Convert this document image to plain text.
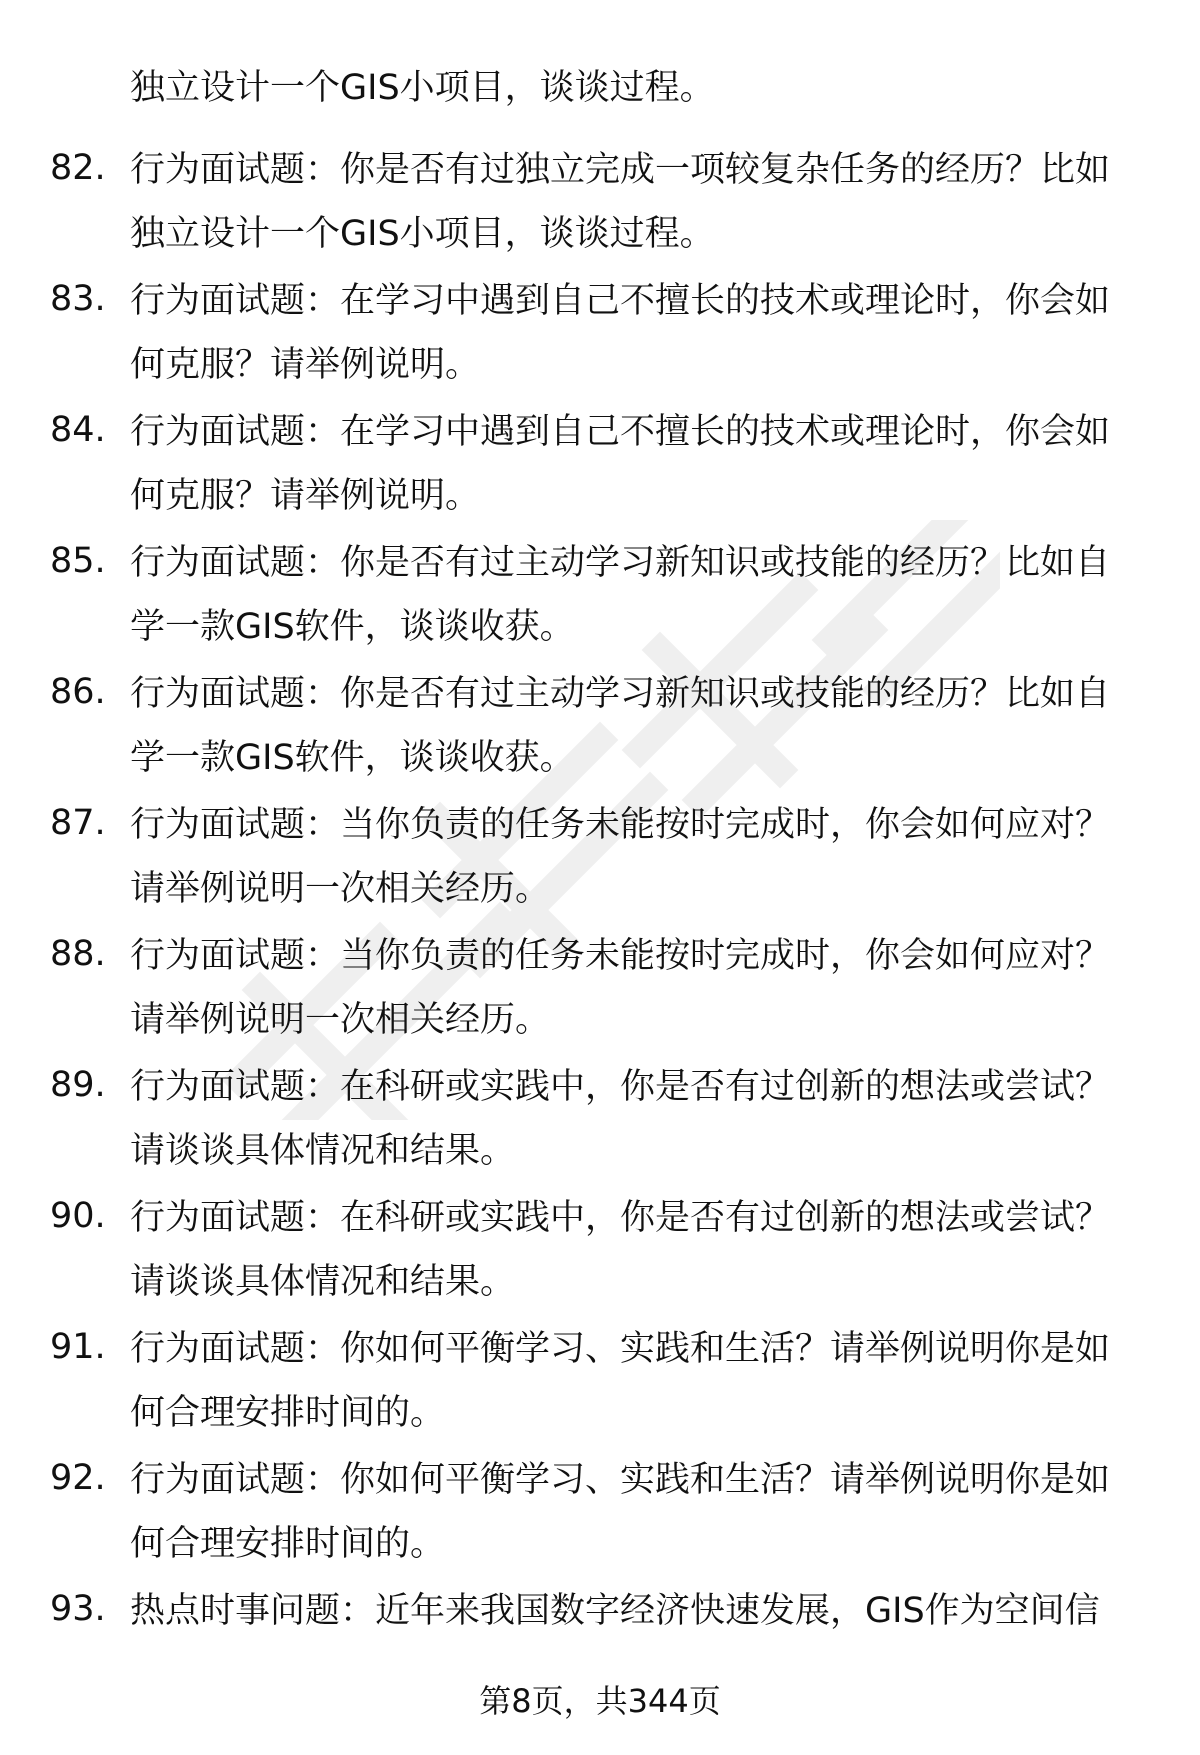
独立设计一个GIS小项目，谈谈过程。
82. 行为面试题：你是否有过独立完成一项较复杂任务的经历？比如独立设计一个GIS小项目，谈谈过程。
83. 行为面试题：在学习中遇到自己不擅长的技术或理论时，你会如何克服？请举例说明。
84. 行为面试题：在学习中遇到自己不擅长的技术或理论时，你会如何克服？请举例说明。
85. 行为面试题：你是否有过主动学习新知识或技能的经历？比如自学一款GIS软件，谈谈收获。
86. 行为面试题：你是否有过主动学习新知识或技能的经历？比如自学一款GIS软件，谈谈收获。
87. 行为面试题：当你负责的任务未能按时完成时，你会如何应对？请举例说明一次相关经历。
88. 行为面试题：当你负责的任务未能按时完成时，你会如何应对？请举例说明一次相关经历。
89. 行为面试题：在科研或实践中，你是否有过创新的想法或尝试？请谈谈具体情况和结果。
90. 行为面试题：在科研或实践中，你是否有过创新的想法或尝试？请谈谈具体情况和结果。
91. 行为面试题：你如何平衡学习、实践和生活？请举例说明你是如何合理安排时间的。
92. 行为面试题：你如何平衡学习、实践和生活？请举例说明你是如何合理安排时间的。
93. 热点时事问题：近年来我国数字经济快速发展，GIS作为空间信
第8页，共344页
